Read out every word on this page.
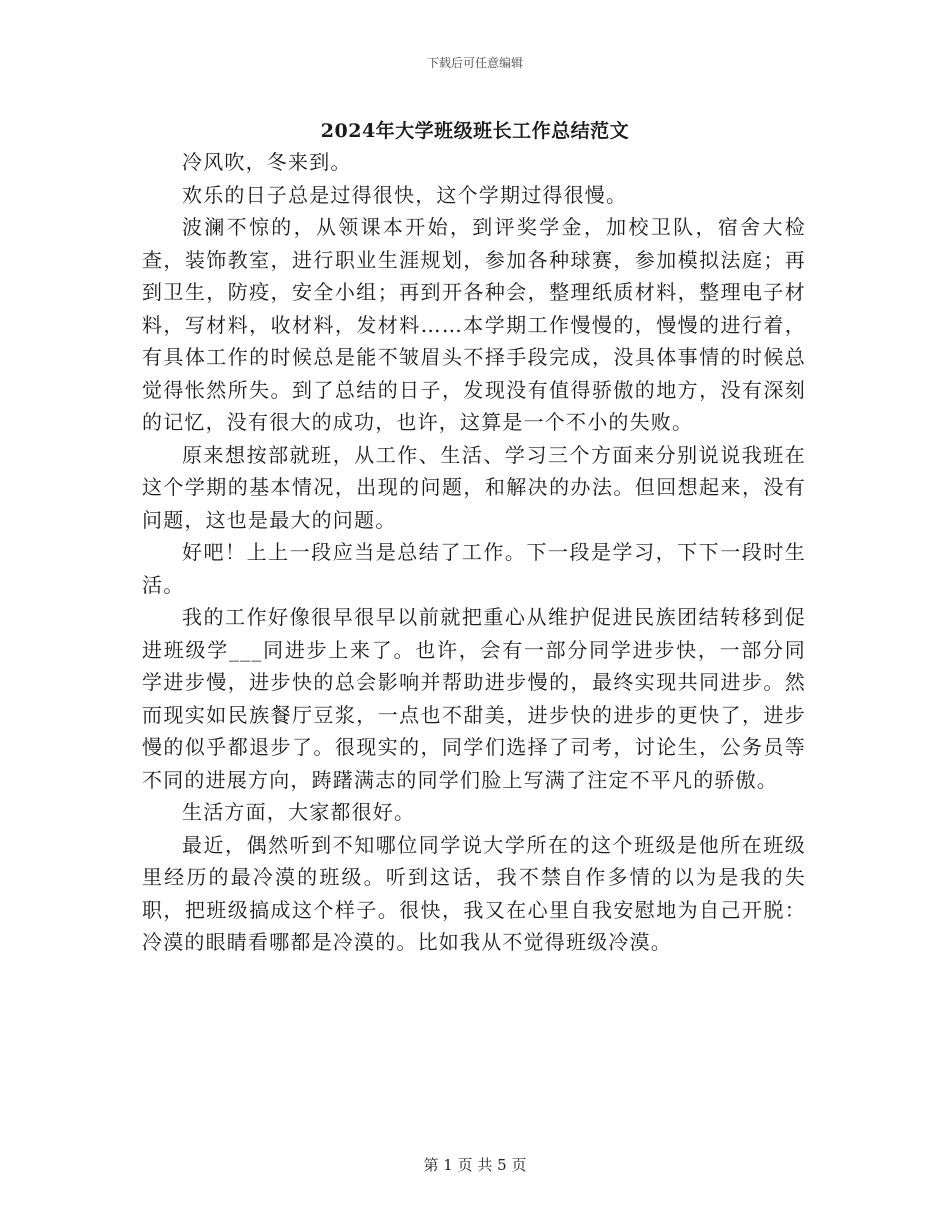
下载后可任意编辑
2024年大学班级班长工作总结范文

冷风吹，冬来到。

欢乐的日子总是过得很快，这个学期过得很慢。

波澜不惊的，从领课本开始，到评奖学金，加校卫队，宿舍大检查，装饰教室，进行职业生涯规划，参加各种球赛，参加模拟法庭；再到卫生，防疫，安全小组；再到开各种会，整理纸质材料，整理电子材料，写材料，收材料，发材料……本学期工作慢慢的，慢慢的进行着，有具体工作的时候总是能不皱眉头不择手段完成，没具体事情的时候总觉得怅然所失。到了总结的日子，发现没有值得骄傲的地方，没有深刻的记忆，没有很大的成功，也许，这算是一个不小的失败。

原来想按部就班，从工作、生活、学习三个方面来分别说说我班在这个学期的基本情况，出现的问题，和解决的办法。但回想起来，没有问题，这也是最大的问题。

好吧！上上一段应当是总结了工作。下一段是学习，下下一段时生活。

我的工作好像很早很早以前就把重心从维护促进民族团结转移到促进班级学___同进步上来了。也许，会有一部分同学进步快，一部分同学进步慢，进步快的总会影响并帮助进步慢的，最终实现共同进步。然而现实如民族餐厅豆浆，一点也不甜美，进步快的进步的更快了，进步慢的似乎都退步了。很现实的，同学们选择了司考，讨论生，公务员等不同的进展方向，踌躇满志的同学们脸上写满了注定不平凡的骄傲。

生活方面，大家都很好。

最近，偶然听到不知哪位同学说大学所在的这个班级是他所在班级里经历的最冷漠的班级。听到这话，我不禁自作多情的以为是我的失职，把班级搞成这个样子。很快，我又在心里自我安慰地为自己开脱：冷漠的眼睛看哪都是冷漠的。比如我从不觉得班级冷漠。

第 1 页 共 5 页
